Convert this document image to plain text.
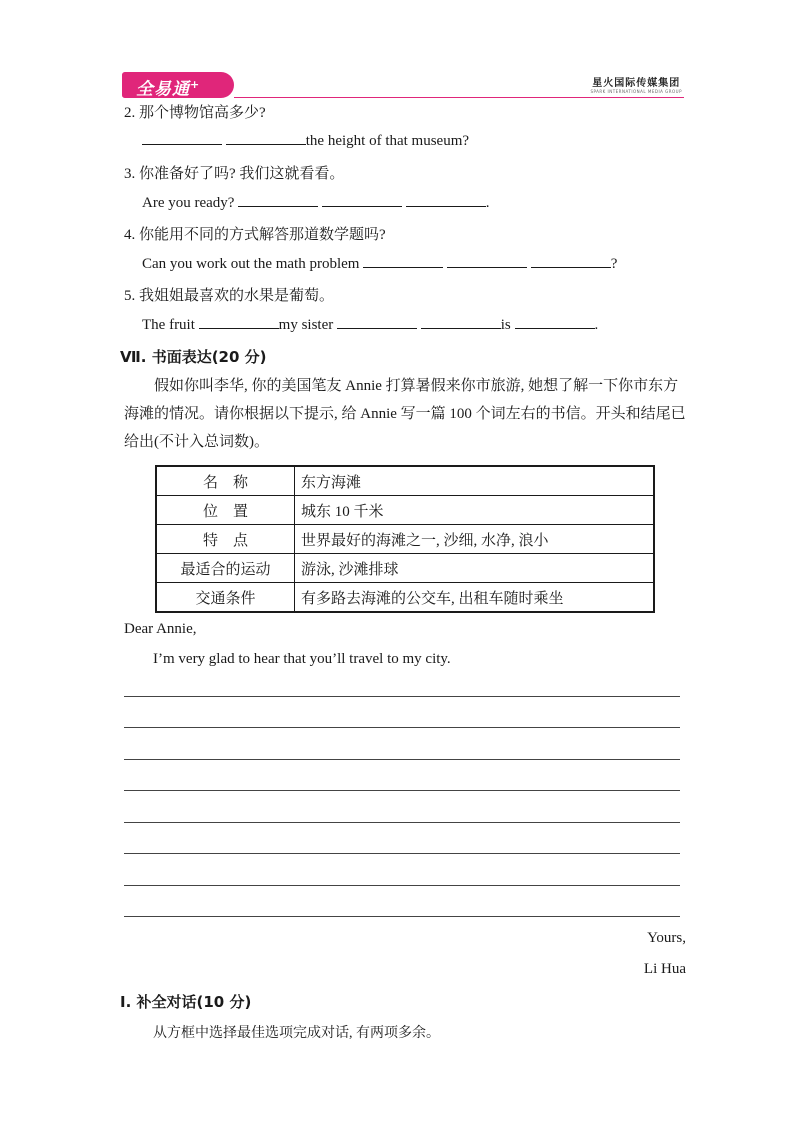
全易通+	星火国际传媒集团
SPARK INTERNATIONAL MEDIA GROUP
2. 那个博物馆高多少?
the height of that museum?
3. 你准备好了吗? 我们这就看看。
Are you ready?	.
4. 你能用不同的方式解答那道数学题吗?
Can you work out the math problem	?
5. 我姐姐最喜欢的水果是葡萄。
The fruit	my sister	is	.
Ⅶ. 书面表达(20 分)
假如你叫李华, 你的美国笔友 Annie 打算暑假来你市旅游, 她想了解一下你市东方海滩的情况。请你根据以下提示, 给 Annie 写一篇 100 个词左右的书信。开头和结尾已给出(不计入总词数)。
名　称	东方海滩
位　置	城东 10 千米
特　点	世界最好的海滩之一, 沙细, 水净, 浪小
最适合的运动	游泳, 沙滩排球
交通条件	有多路去海滩的公交车, 出租车随时乘坐
Dear Annie,
I’m very glad to hear that you’ll travel to my city.
Yours,
Li Hua
Ⅰ. 补全对话(10 分)
从方框中选择最佳选项完成对话, 有两项多余。
